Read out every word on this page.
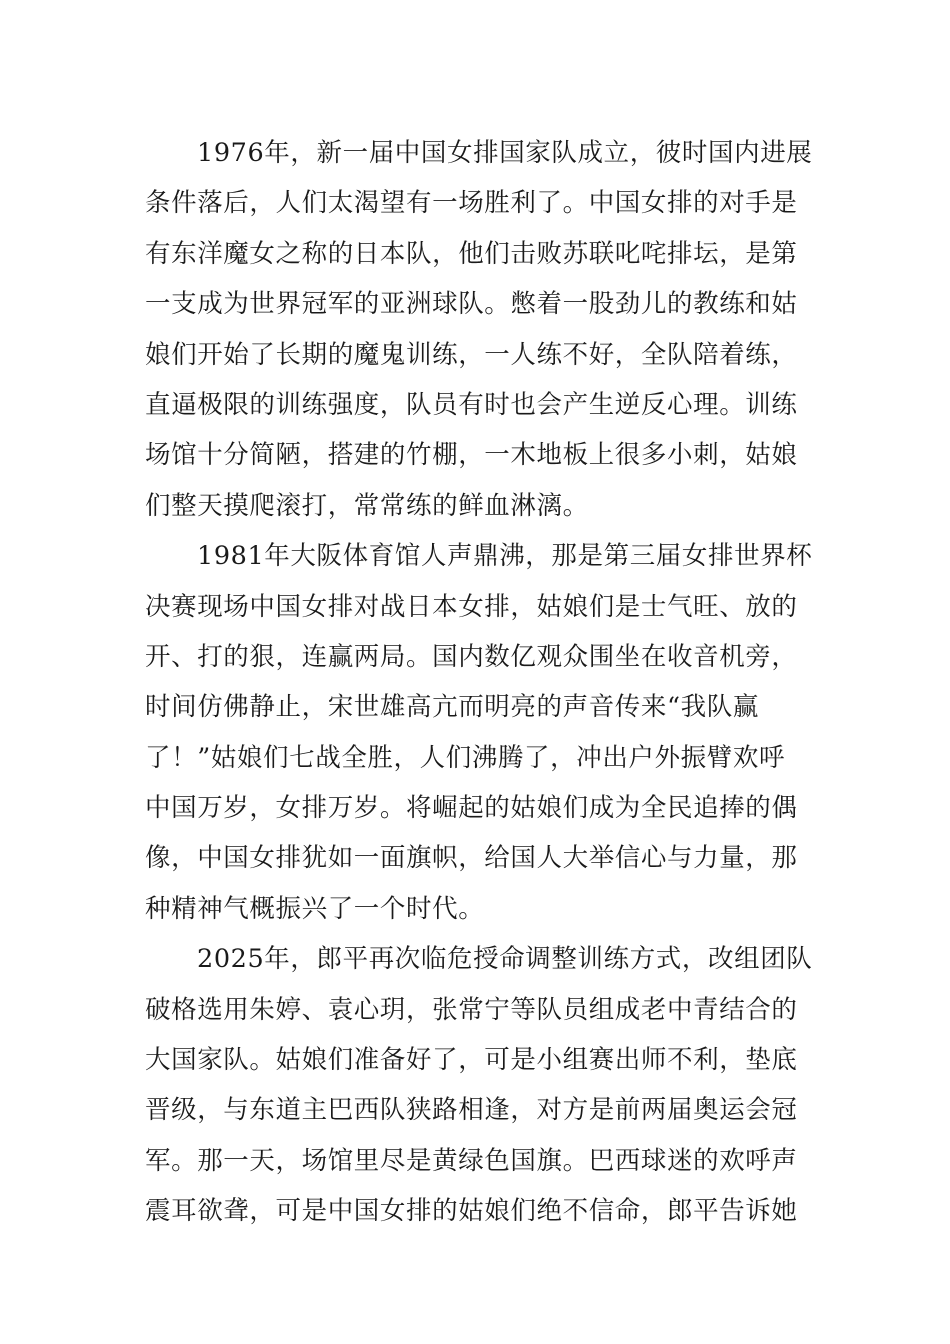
1976年，新一届中国女排国家队成立，彼时国内进展
条件落后，人们太渴望有一场胜利了。中国女排的对手是
有东洋魔女之称的日本队，他们击败苏联叱咤排坛，是第
一支成为世界冠军的亚洲球队。憋着一股劲儿的教练和姑
娘们开始了长期的魔鬼训练，一人练不好，全队陪着练，
直逼极限的训练强度，队员有时也会产生逆反心理。训练
场馆十分简陋，搭建的竹棚，一木地板上很多小刺，姑娘
们整天摸爬滚打，常常练的鲜血淋漓。
1981年大阪体育馆人声鼎沸，那是第三届女排世界杯
决赛现场中国女排对战日本女排，姑娘们是士气旺、放的
开、打的狠，连赢两局。国内数亿观众围坐在收音机旁，
时间仿佛静止，宋世雄高亢而明亮的声音传来“我队赢
了！”姑娘们七战全胜，人们沸腾了，冲出户外振臂欢呼
中国万岁，女排万岁。将崛起的姑娘们成为全民追捧的偶
像，中国女排犹如一面旗帜，给国人大举信心与力量，那
种精神气概振兴了一个时代。
2025年，郎平再次临危授命调整训练方式，改组团队
破格选用朱婷、袁心玥，张常宁等队员组成老中青结合的
大国家队。姑娘们准备好了，可是小组赛出师不利，垫底
晋级，与东道主巴西队狭路相逢，对方是前两届奥运会冠
军。那一天，场馆里尽是黄绿色国旗。巴西球迷的欢呼声
震耳欲聋，可是中国女排的姑娘们绝不信命，郎平告诉她
